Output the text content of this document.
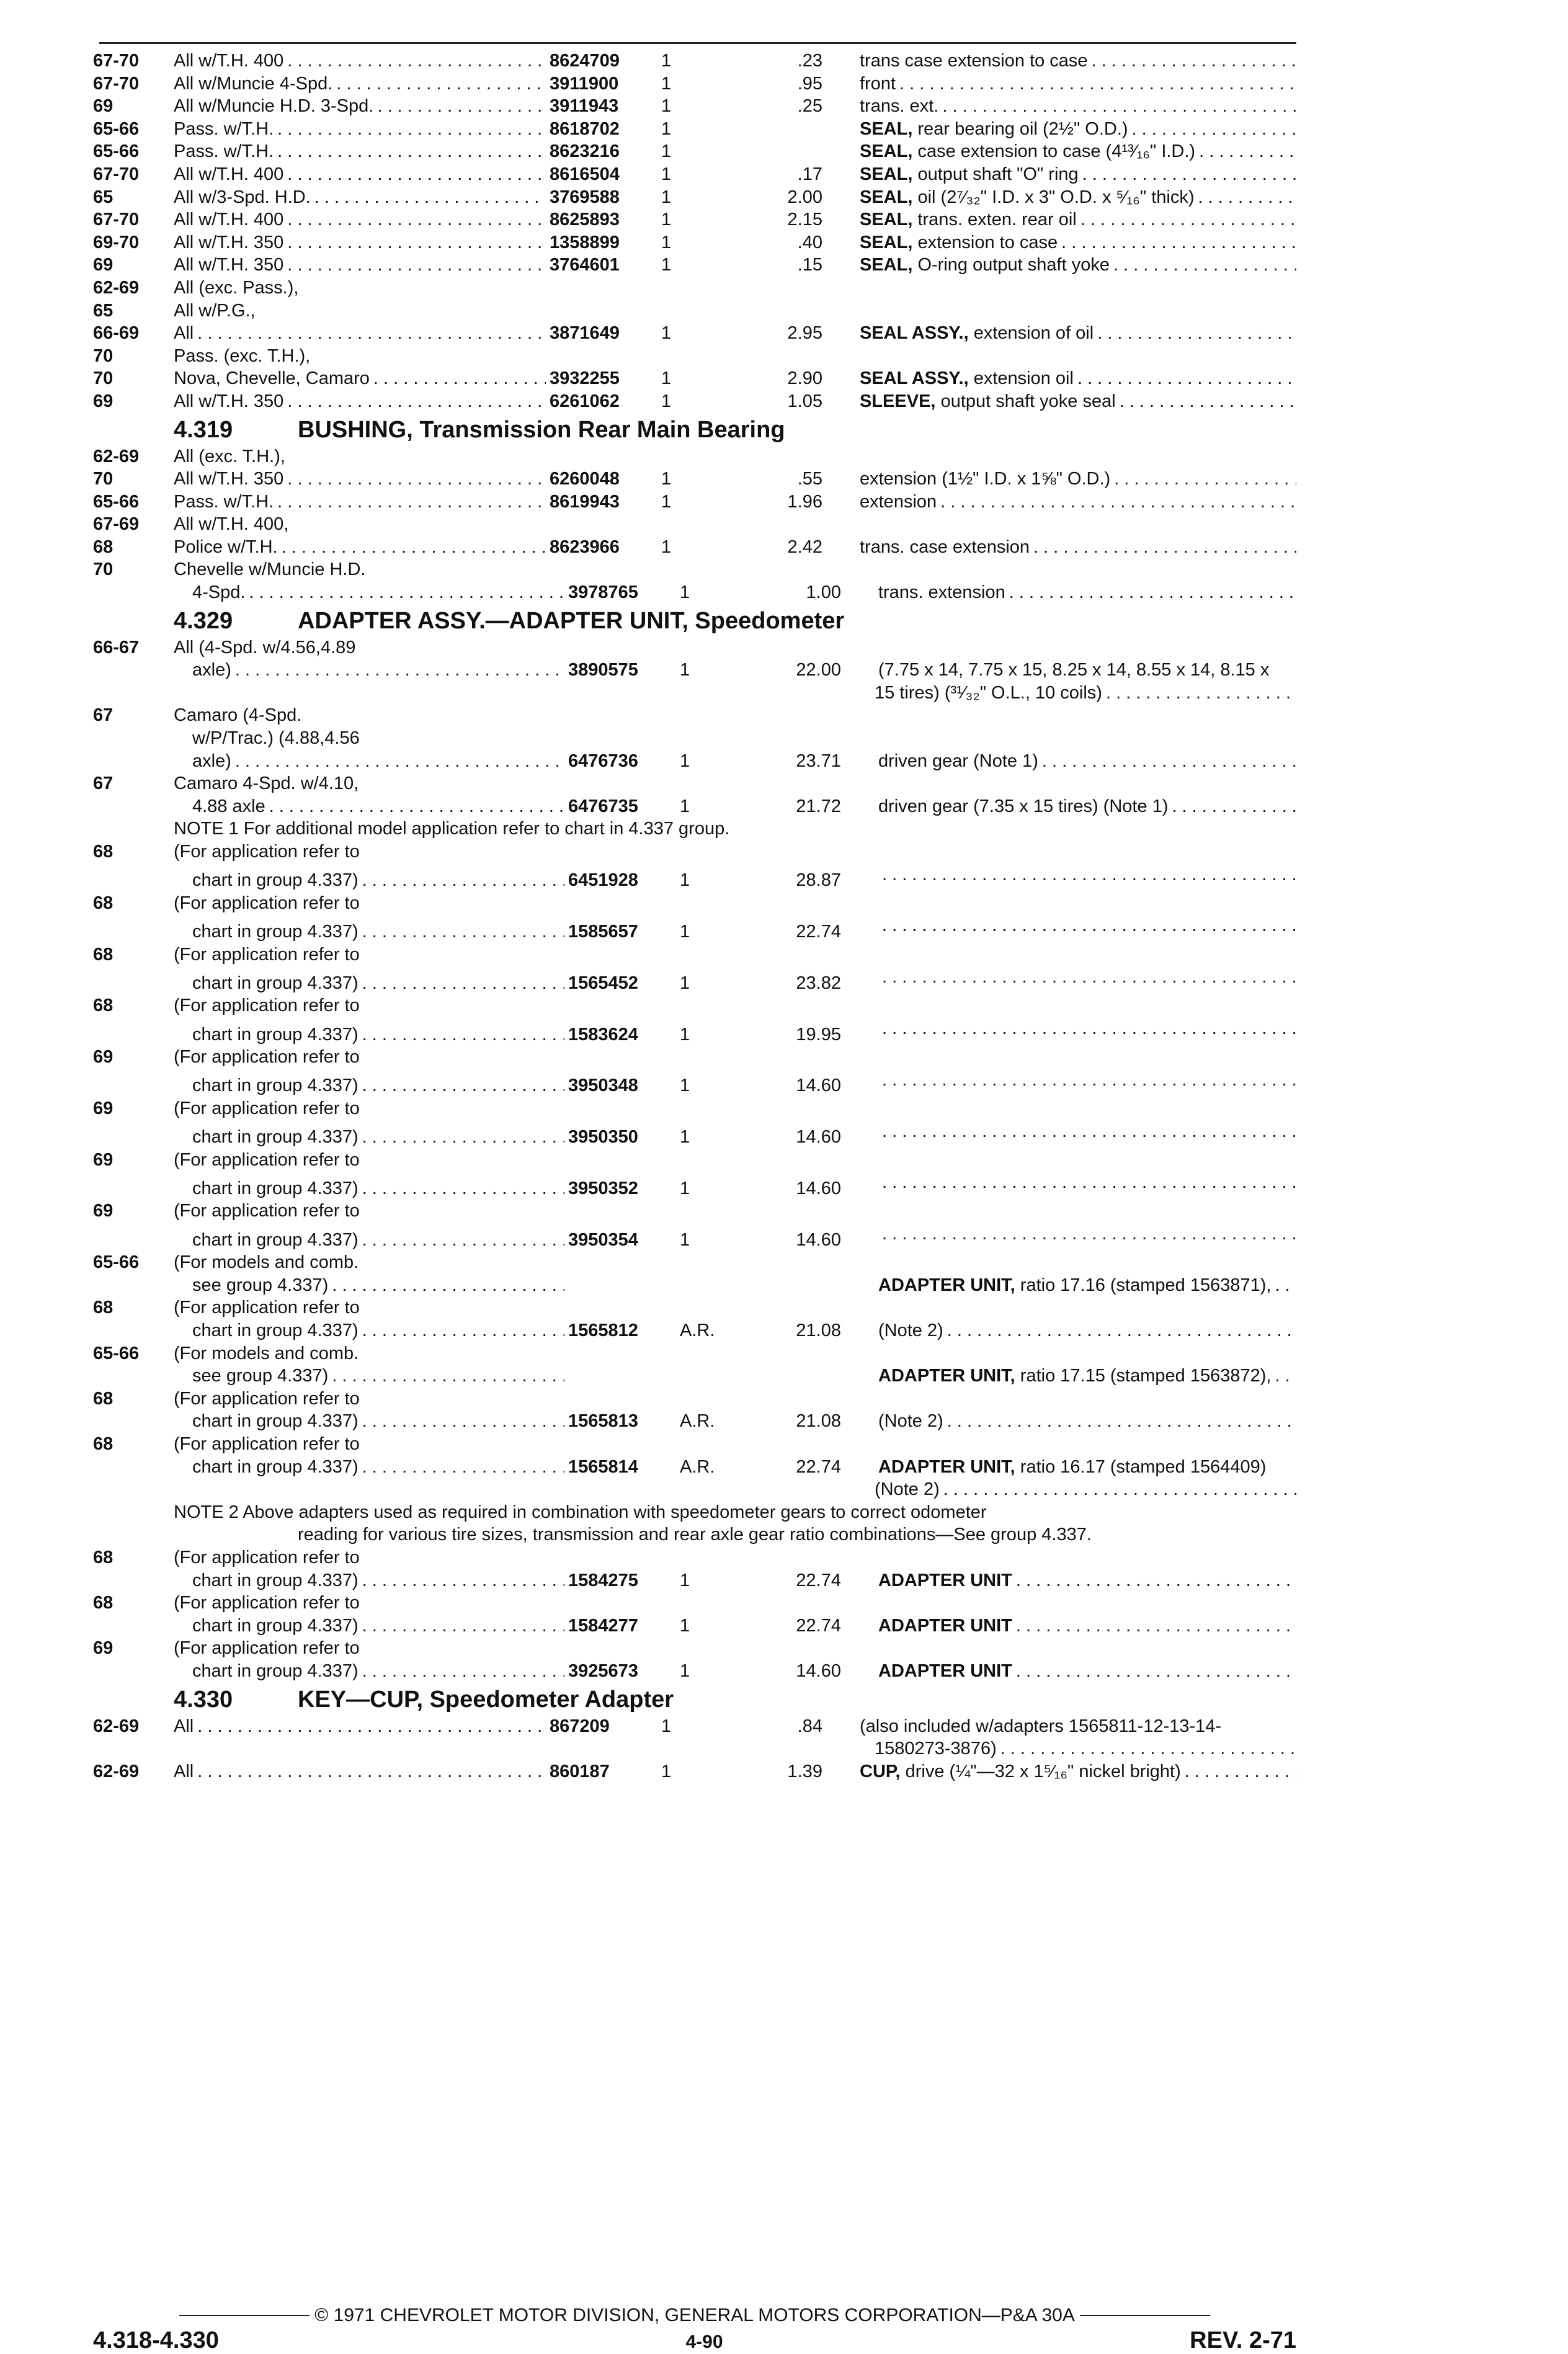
67-70	All w/T.H. 400 . . .	8624709	1	.23 trans case extension to case
. . .
67-70	All w/Muncie 4-Spd. . . .	3911900	1	.95 front
. . .
69	All w/Muncie H.D. 3-Spd. . . .	3911943	1	.25 trans. ext.
. . .
65-66	Pass. w/T.H. . . .	8618702	1	SEAL, rear bearing oil (2½" O.D.)
. . .
65-66	Pass. w/T.H. . . .	8623216	1	SEAL, case extension to case (4¹³⁄₁₆" I.D.)
. . .
67-70	All w/T.H. 400 . . .	8616504	1	.17 SEAL, output shaft "O" ring
. . .
65	All w/3-Spd. H.D. . . .	3769588	1	2.00 SEAL, oil (2⁷⁄₃₂" I.D. x 3" O.D. x ⁵⁄₁₆" thick)
. . .
67-70	All w/T.H. 400 . . .	8625893	1	2.15 SEAL, trans. exten. rear oil
. . .
69-70	All w/T.H. 350 . . .	1358899	1	.40 SEAL, extension to case
. . .
69	All w/T.H. 350 . . .	3764601	1	.15 SEAL, O-ring output shaft yoke
. . .
62-69	All (exc. Pass.),
65	All w/P.G.,
66-69	All . . .	3871649	1	2.95 SEAL ASSY., extension of oil
. . .
70	Pass. (exc. T.H.),
70	Nova, Chevelle, Camaro . . .	3932255	1	2.90 SEAL ASSY., extension oil
. . .
69	All w/T.H. 350 . . .	6261062	1	1.05 SLEEVE, output shaft yoke seal
. . .
4.319	BUSHING, Transmission Rear Main Bearing
62-69	All (exc. T.H.),
70	All w/T.H. 350 . . .	6260048	1	.55 extension (1½" I.D. x 1⅝" O.D.)
. . .
65-66	Pass. w/T.H. . . .	8619943	1	1.96 extension
. . .
67-69	All w/T.H. 400,
68	Police w/T.H. . . .	8623966	1	2.42 trans. case extension
. . .
70	Chevelle w/Muncie H.D.
4-Spd. . . .	3978765	1	1.00 trans. extension
. . .
4.329	ADAPTER ASSY.—ADAPTER UNIT, Speedometer
66-67	All (4-Spd. w/4.56,4.89
axle) . . .	3890575	1	22.00 (7.75 x 14, 7.75 x 15, 8.25 x 14, 8.55 x 14, 8.15 x
15 tires) (³¹⁄₃₂" O.L., 10 coils)
. . .
67	Camaro (4-Spd.
w/P/Trac.) (4.88,4.56
axle) . . .	6476736	1	23.71 driven gear (Note 1)
. . .
67	Camaro 4-Spd. w/4.10,
4.88 axle . . .	6476735	1	21.72 driven gear (7.35 x 15 tires) (Note 1)
. . .
NOTE 1 For additional model application refer to chart in 4.337 group.
68	(For application refer to
chart in group 4.337) . . .	6451928	1	28.87
. . .
68	(For application refer to
chart in group 4.337) . . .	1585657	1	22.74
. . .
68	(For application refer to
chart in group 4.337) . . .	1565452	1	23.82
. . .
68	(For application refer to
chart in group 4.337) . . .	1583624	1	19.95
. . .
69	(For application refer to
chart in group 4.337) . . .	3950348	1	14.60
. . .
69	(For application refer to
chart in group 4.337) . . .	3950350	1	14.60
. . .
69	(For application refer to
chart in group 4.337) . . .	3950352	1	14.60
. . .
69	(For application refer to
chart in group 4.337) . . .	3950354	1	14.60
. . .
65-66	(For models and comb.
see group 4.337) . . .	ADAPTER UNIT, ratio 17.16 (stamped 1563871),
. . .
68	(For application refer to
chart in group 4.337) . . .	1565812	A.R.	21.08 (Note 2)
. . .
65-66	(For models and comb.
see group 4.337) . . .	ADAPTER UNIT, ratio 17.15 (stamped 1563872),
. . .
68	(For application refer to
chart in group 4.337) . . .	1565813	A.R.	21.08 (Note 2)
. . .
68	(For application refer to
chart in group 4.337) . . .	1565814	A.R.	22.74 ADAPTER UNIT, ratio 16.17 (stamped 1564409)
(Note 2)
. . .
NOTE 2 Above adapters used as required in combination with speedometer gears to correct odometer
reading for various tire sizes, transmission and rear axle gear ratio combinations—See group 4.337.
68	(For application refer to
chart in group 4.337) . . .	1584275	1	22.74 ADAPTER UNIT
. . .
68	(For application refer to
chart in group 4.337) . . .	1584277	1	22.74 ADAPTER UNIT
. . .
69	(For application refer to
chart in group 4.337) . . .	3925673	1	14.60 ADAPTER UNIT
. . .
4.330	KEY—CUP, Speedometer Adapter
62-69	All . . .	867209	1	.84 (also included w/adapters 1565811-12-13-14-
1580273-3876)
. . .
62-69	All . . .	860187	1	1.39 CUP, drive (¼"—32 x 1⁵⁄₁₆" nickel bright)
. . .
© 1971 CHEVROLET MOTOR DIVISION, GENERAL MOTORS CORPORATION—P&A 30A
4.318-4.330	4-90	REV. 2-71
